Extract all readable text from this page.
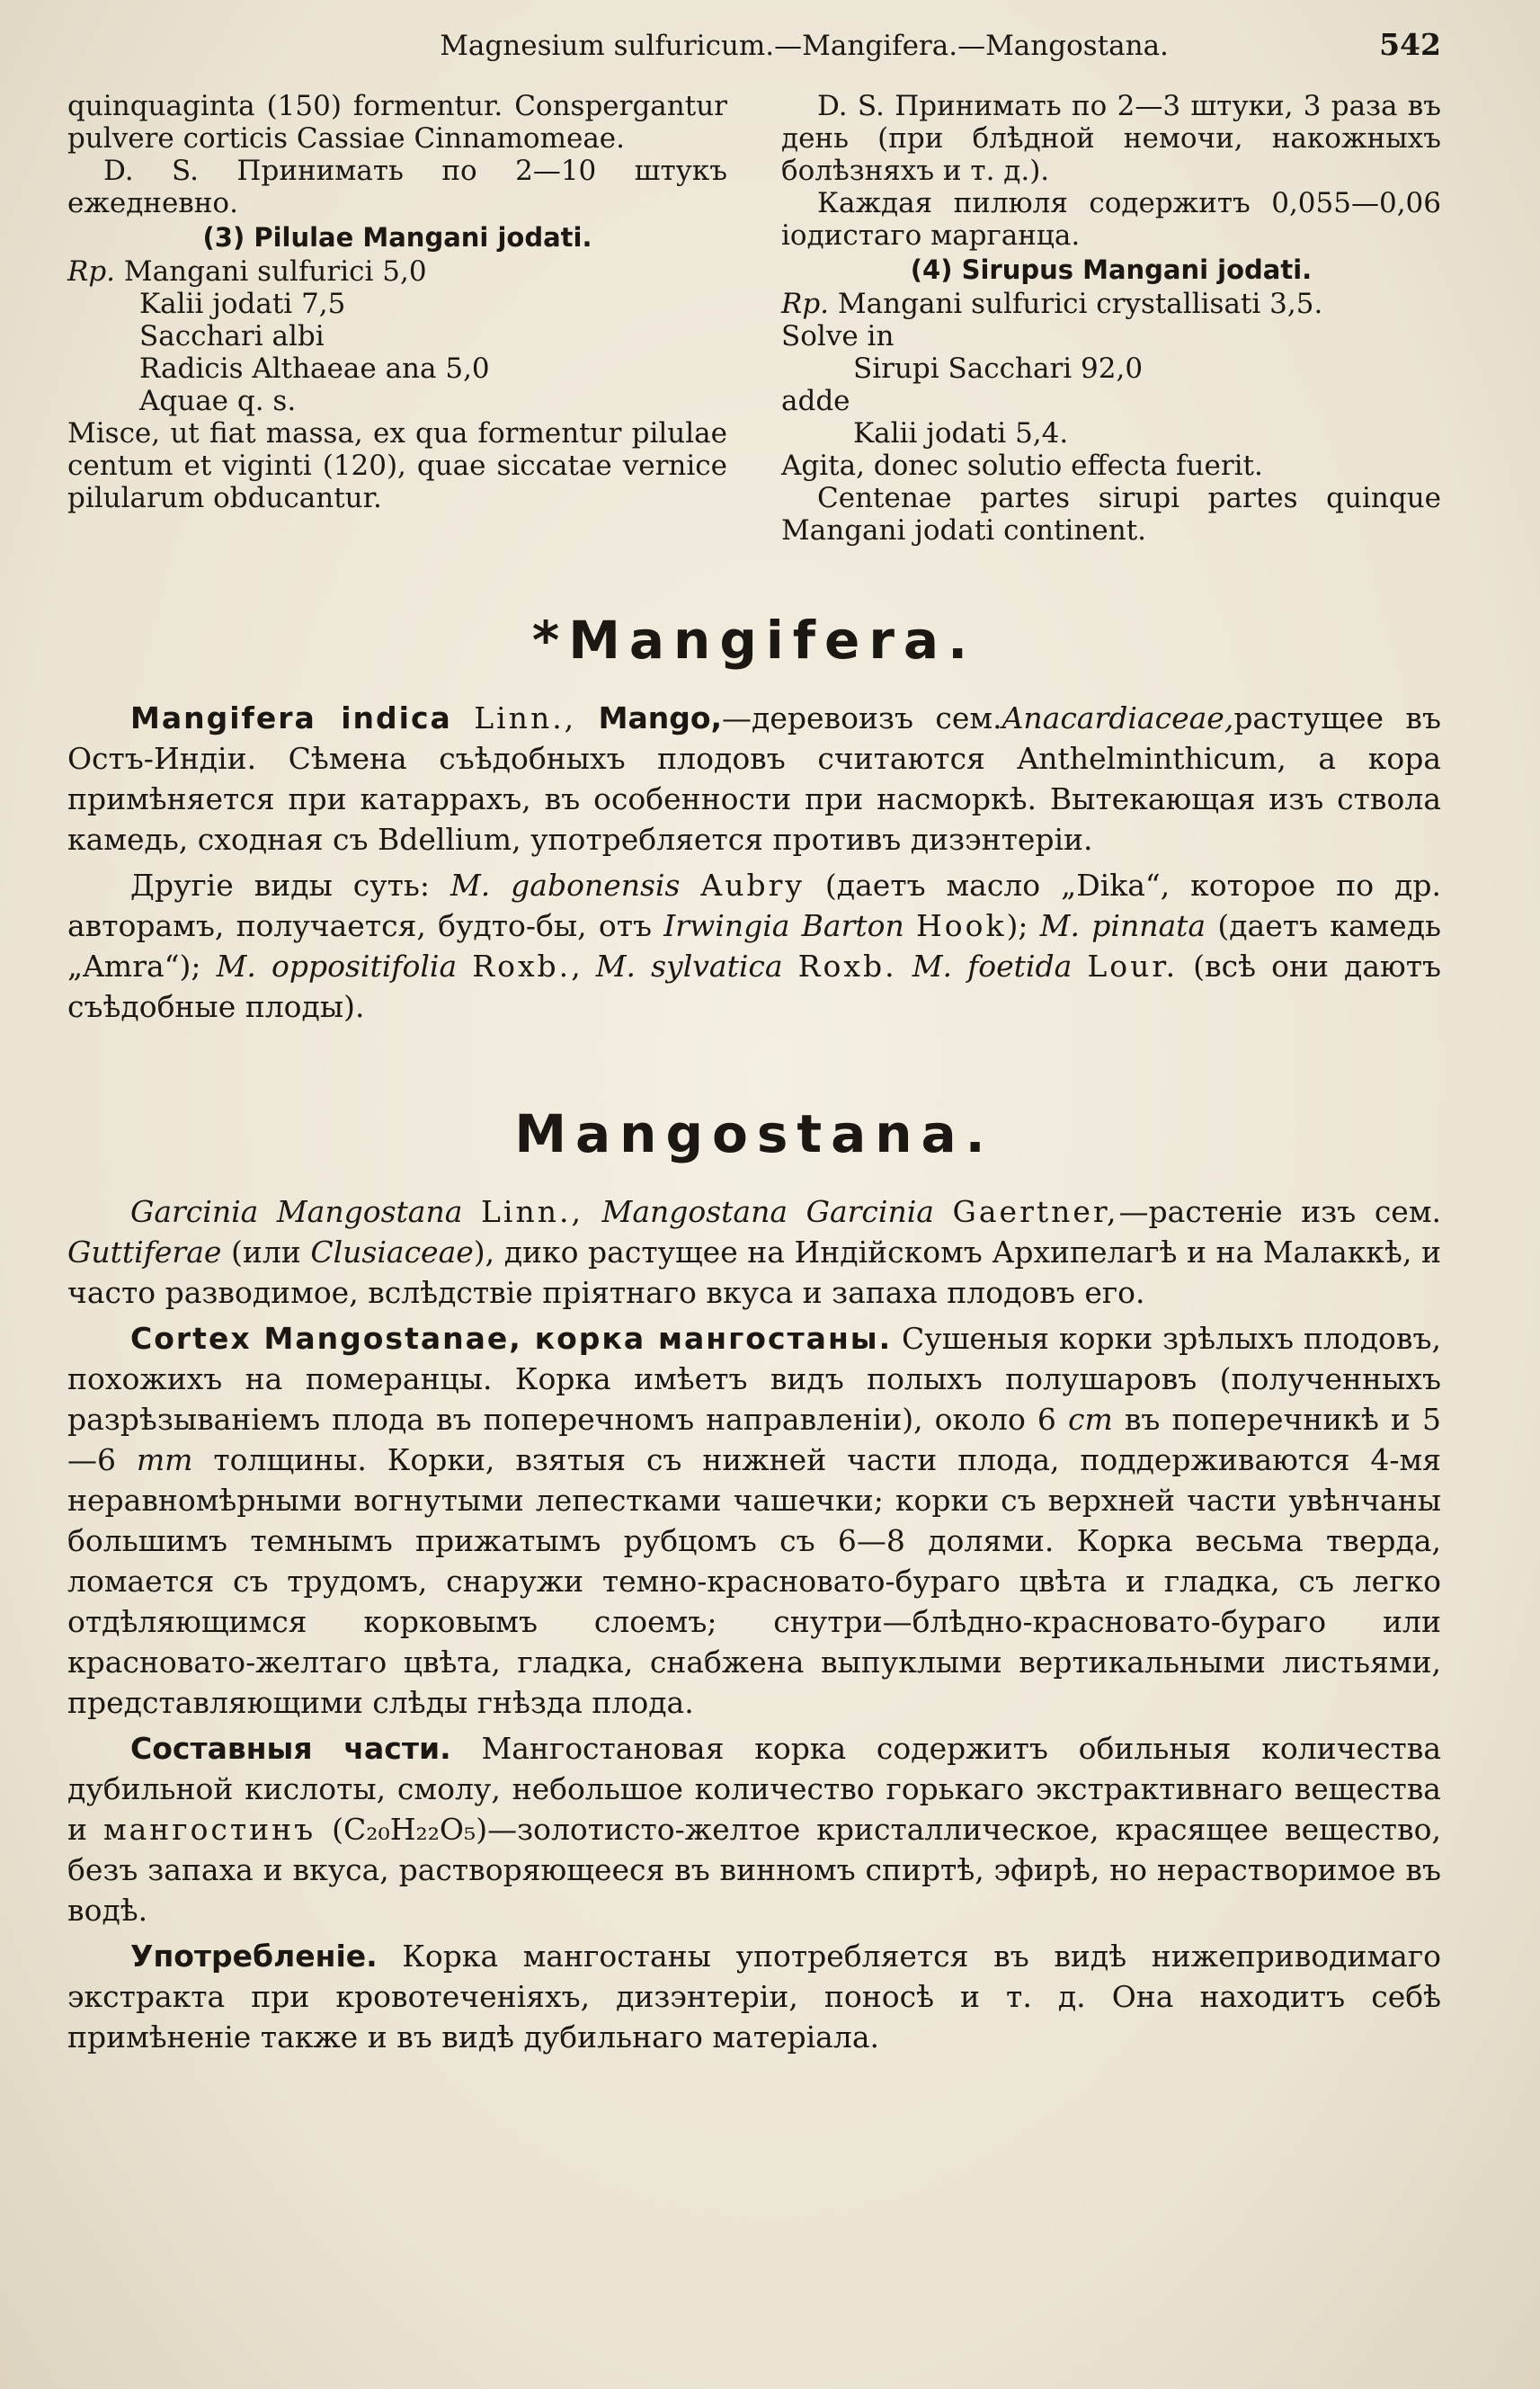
Magnesium sulfuricum.—Mangifera.—Mangostana.	542

quinquaginta (150) formentur. Conspergantur pulvere corticis Cassiae Cinnamomeae.

D. S. Принимать по 2—10 штукъ ежедневно.

(3) Pilulae Mangani jodati.

Rp. Mangani sulfurici 5,0

Kalii jodati 7,5

Sacchari albi

Radicis Althaeae ana 5,0

Aquae q. s.

Misce, ut fiat massa, ex qua formentur pilulae centum et viginti (120), quae siccatae vernice pilularum obducantur.

D. S. Принимать по 2—3 штуки, 3 раза въ день (при блѣдной немочи, накожныхъ болѣзняхъ и т. д.).

Каждая пилюля содержитъ 0,055—0,06 iодистаго марганца.

(4) Sirupus Mangani jodati.

Rp. Mangani sulfurici crystallisati 3,5.

Solve in

Sirupi Sacchari 92,0

adde

Kalii jodati 5,4.

Agita, donec solutio effecta fuerit.

Centenae partes sirupi partes quinque Mangani jodati continent.

*Mangifera.

Mangifera indica Linn., Mango,—деревоизъ сем.Anacardiaceae,растущее въ Остъ-Индiи. Сѣмена съѣдобныхъ плодовъ считаются Anthelminthicum, а кора примѣняется при катаррахъ, въ особенности при насморкѣ. Вытекающая изъ ствола камедь, сходная съ Bdellium, употребляется противъ дизэнтерiи.

Другiе виды суть: M. gabonensis Aubry (даетъ масло „Dika“, которое по др. авторамъ, получается, будто-бы, отъ Irwingia Barton Hook); M. pinnata (даетъ камедь „Amra“); M. oppositifolia Roxb., M. sylvatica Roxb. M. foetida Lour. (всѣ они даютъ съѣдобные плоды).

Mangostana.

Garcinia Mangostana Linn., Mangostana Garcinia Gaertner,—растенiе изъ сем. Guttiferae (или Clusiaceae), дико растущее на Индiйскомъ Архипелагѣ и на Малаккѣ, и часто разводимое, вслѣдствiе прiятнаго вкуса и запаха плодовъ его.

Cortex Mangostanae, корка мангостаны. Сушеныя корки зрѣлыхъ плодовъ, похожихъ на померанцы. Корка имѣетъ видъ полыхъ полушаровъ (полученныхъ разрѣзыванiемъ плода въ поперечномъ направленiи), около 6 cm въ поперечникѣ и 5—6 mm толщины. Корки, взятыя съ нижней части плода, поддерживаются 4-мя неравномѣрными вогнутыми лепестками чашечки; корки съ верхней части увѣнчаны большимъ темнымъ прижатымъ рубцомъ съ 6—8 долями. Корка весьма тверда, ломается съ трудомъ, снаружи темно-красновато-бураго цвѣта и гладка, съ легко отдѣляющимся корковымъ слоемъ; снутри—блѣдно-красновато-бураго или красновато-желтаго цвѣта, гладка, снабжена выпуклыми вертикальными листьями, представляющими слѣды гнѣзда плода.

Составныя части. Мангостановая корка содержитъ обильныя количества дубильной кислоты, смолу, небольшое количество горькаго экстрактивнаго вещества и мангостинъ (C₂₀H₂₂O₅)—золотисто-желтое кристаллическое, красящее вещество, безъ запаха и вкуса, растворяющееся въ винномъ спиртѣ, эфирѣ, но нерастворимое въ водѣ.

Употребленiе. Корка мангостаны употребляется въ видѣ нижеприводимаго экстракта при кровотеченiяхъ, дизэнтерiи, поносѣ и т. д. Она находитъ себѣ примѣненiе также и въ видѣ дубильнаго матерiала.
